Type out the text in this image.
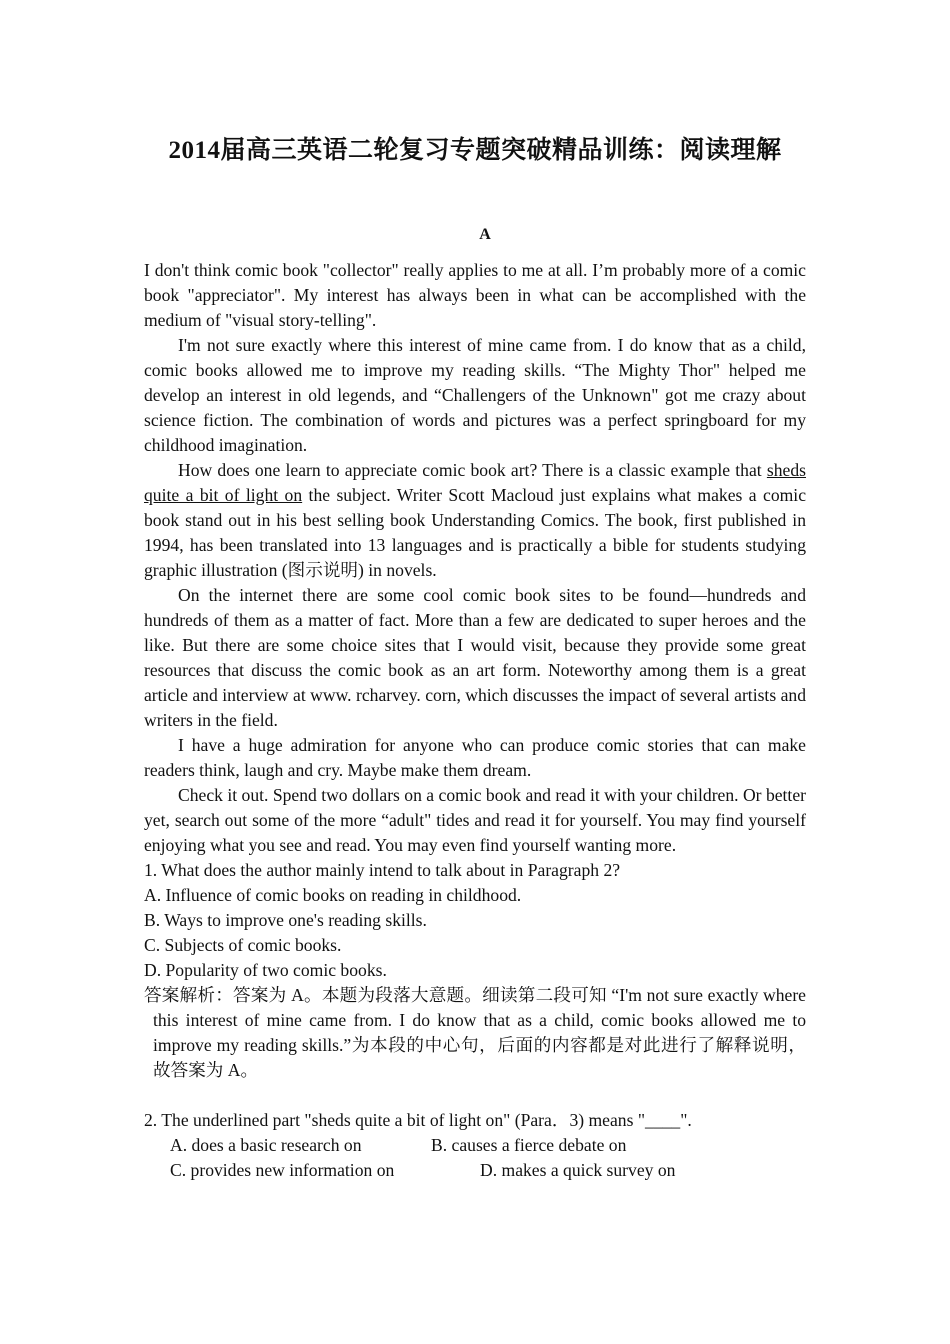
2014届高三英语二轮复习专题突破精品训练：阅读理解
A

I don't think comic book "collector" really applies to me at all. I’m probably more of a comic book "appreciator". My interest has always been in what can be accomplished with the medium of "visual story-telling".

I'm not sure exactly where this interest of mine came from. I do know that as a child, comic books allowed me to improve my reading skills. “The Mighty Thor" helped me develop an interest in old legends, and “Challengers of the Unknown" got me crazy about science fiction. The combination of words and pictures was a perfect springboard for my childhood imagination.

How does one learn to appreciate comic book art? There is a classic example that sheds quite a bit of light on the subject. Writer Scott Macloud just explains what makes a comic book stand out in his best selling book Understanding Comics. The book, first published in 1994, has been translated into 13 languages and is practically a bible for students studying graphic illustration (图示说明) in novels.

On the internet there are some cool comic book sites to be found—hundreds and hundreds of them as a matter of fact. More than a few are dedicated to super heroes and the like. But there are some choice sites that I would visit, because they provide some great resources that discuss the comic book as an art form. Noteworthy among them is a great article and interview at www. rcharvey. corn, which discusses the impact of several artists and writers in the field.

I have a huge admiration for anyone who can produce comic stories that can make readers think, laugh and cry. Maybe make them dream.

Check it out. Spend two dollars on a comic book and read it with your children. Or better yet, search out some of the more “adult" tides and read it for yourself. You may find yourself enjoying what you see and read. You may even find yourself wanting more.

1. What does the author mainly intend to talk about in Paragraph 2?

A. Influence of comic books on reading in childhood.

B. Ways to improve one's reading skills.

C. Subjects of comic books.

D. Popularity of two comic books.

答案解析：答案为 A。本题为段落大意题。细读第二段可知 “I'm not sure exactly where this interest of mine came from. I do know that as a child, comic books allowed me to improve my reading skills.”为本段的中心句，后面的内容都是对此进行了解释说明，故答案为 A。

2. The underlined part "sheds quite a bit of light on" (Para．3) means "____".

A. does a basic research on	B. causes a fierce debate on
C. provides new information on	D. makes a quick survey on
